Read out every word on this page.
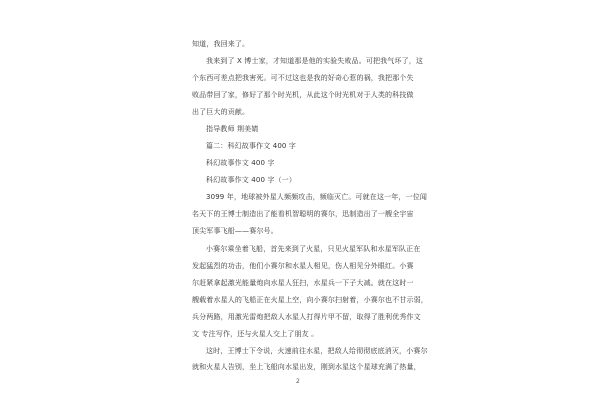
知道，我回来了。
我来到了 X 博士家，才知道那是他的实验失败品。可把我气坏了，这
个东西可差点把我害死。可不过这也是我的好奇心惹的祸，我把那个失
败品带回了家，修好了那个时光机，从此这个时光机对于人类的科技做
出了巨大的贡献。
指导教师 荆美婧
篇二：科幻故事作文 400 字
科幻故事作文 400 字
科幻故事作文 400 字（一）
3099 年，地球被外星人频频攻击，频临灭亡。可就在这一年，一位闻
名天下的王博士制造出了能看机智聪明的赛尔，迅制造出了一艘全宇宙
顶尖军事飞船——赛尔号。
小赛尔乘坐着飞船，首先来到了火星，只见火星军队和水星军队正在
发起猛烈的功击，他们小赛尔和水星人相见，伤人相见分外眼红。小赛
尔赶紧拿起激光能量炮向水星人狂扫，水星兵一下子大减。就在这时一
艘载着水星人的飞船正在火星上空，向小赛尔扫射着，小赛尔也不甘示弱，
兵分两路，用激光雷炮把敌人水星人打得片甲不留，取得了胜利优秀作文
文 专注写作，还与火星人交上了朋友 。
这时，王博士下令说，火速前往水星，把敌人给彻彻底底消灭，小赛尔
就和火星人告别，坐上飞船向水星出发，刚到水星这个星球充满了热量，
2
